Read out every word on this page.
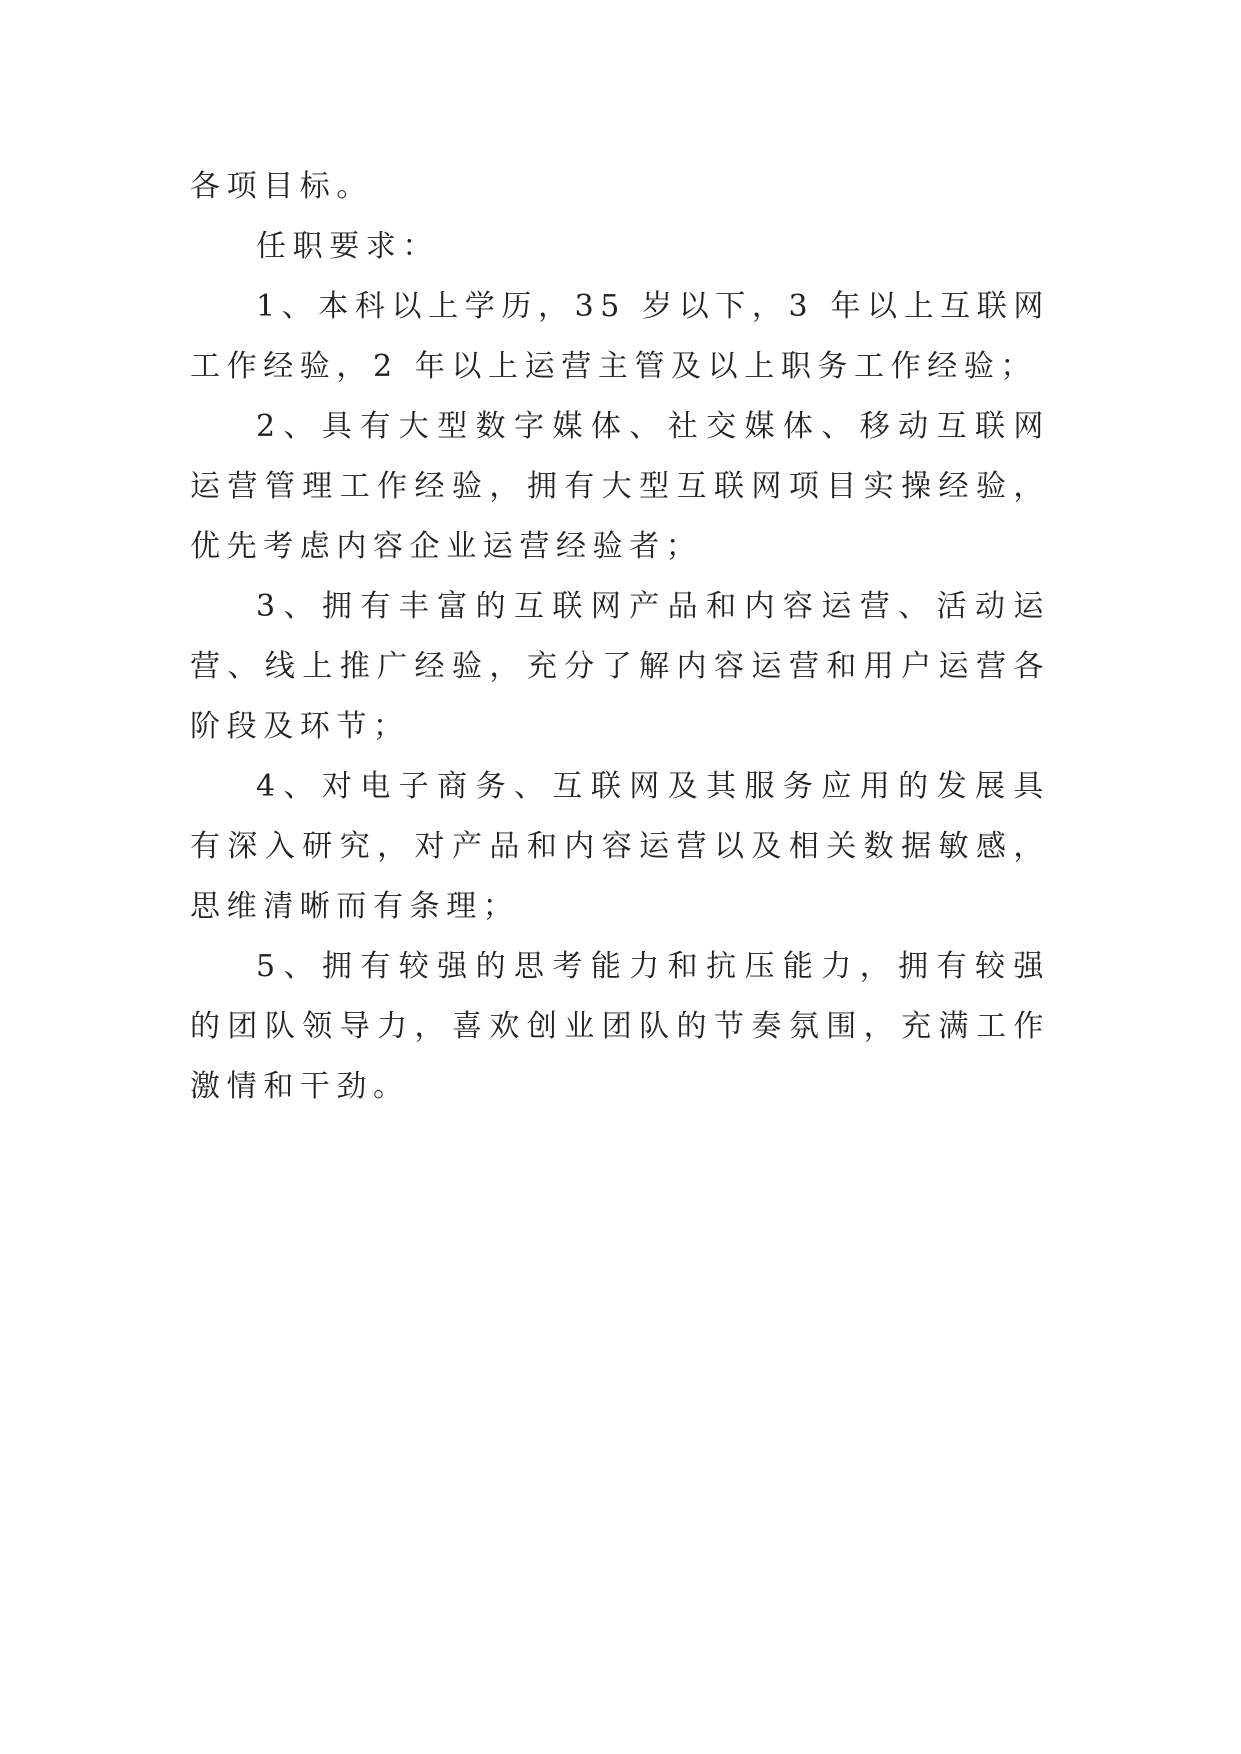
各项目标。

任职要求：

1、本科以上学历，35 岁以下，3 年以上互联网工作经验，2 年以上运营主管及以上职务工作经验；

2、具有大型数字媒体、社交媒体、移动互联网运营管理工作经验，拥有大型互联网项目实操经验，优先考虑内容企业运营经验者；

3、拥有丰富的互联网产品和内容运营、活动运营、线上推广经验，充分了解内容运营和用户运营各阶段及环节；

4、对电子商务、互联网及其服务应用的发展具有深入研究，对产品和内容运营以及相关数据敏感，思维清晰而有条理；

5、拥有较强的思考能力和抗压能力，拥有较强的团队领导力，喜欢创业团队的节奏氛围，充满工作激情和干劲。
